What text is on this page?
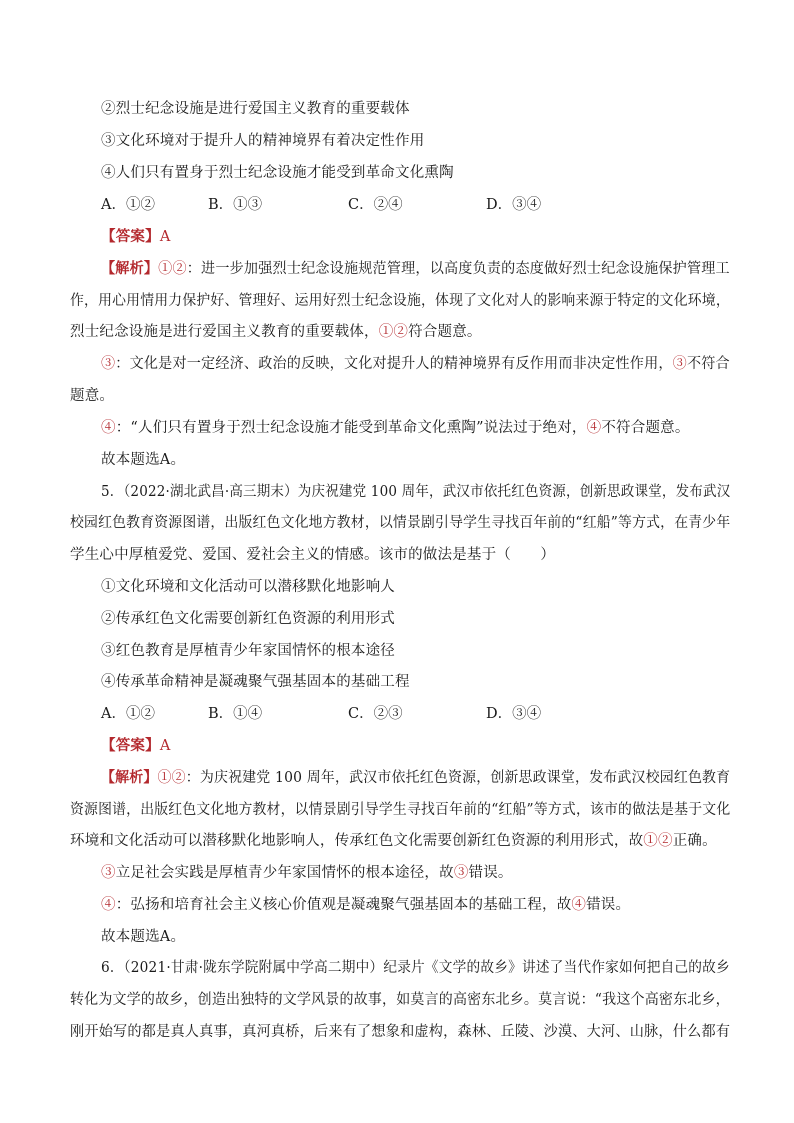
②烈士纪念设施是进行爱国主义教育的重要载体
③文化环境对于提升人的精神境界有着决定性作用
④人们只有置身于烈士纪念设施才能受到革命文化熏陶
A．①②	B．①③	C．②④	D．③④
【答案】A
【解析】①②：进一步加强烈士纪念设施规范管理，以高度负责的态度做好烈士纪念设施保护管理工
作，用心用情用力保护好、管理好、运用好烈士纪念设施，体现了文化对人的影响来源于特定的文化环境，
烈士纪念设施是进行爱国主义教育的重要载体，①②符合题意。
③：文化是对一定经济、政治的反映，文化对提升人的精神境界有反作用而非决定性作用，③不符合
题意。
④：“人们只有置身于烈士纪念设施才能受到革命文化熏陶”说法过于绝对，④不符合题意。
故本题选A。
5．（2022·湖北武昌·高三期末）为庆祝建党 100 周年，武汉市依托红色资源，创新思政课堂，发布武汉
校园红色教育资源图谱，出版红色文化地方教材，以情景剧引导学生寻找百年前的“红船”等方式，在青少年
学生心中厚植爱党、爱国、爱社会主义的情感。该市的做法是基于（　　）
①文化环境和文化活动可以潜移默化地影响人
②传承红色文化需要创新红色资源的利用形式
③红色教育是厚植青少年家国情怀的根本途径
④传承革命精神是凝魂聚气强基固本的基础工程
A．①②	B．①④	C．②③	D．③④
【答案】A
【解析】①②：为庆祝建党 100 周年，武汉市依托红色资源，创新思政课堂，发布武汉校园红色教育
资源图谱，出版红色文化地方教材，以情景剧引导学生寻找百年前的“红船”等方式，该市的做法是基于文化
环境和文化活动可以潜移默化地影响人，传承红色文化需要创新红色资源的利用形式，故①②正确。
③立足社会实践是厚植青少年家国情怀的根本途径，故③错误。
④：弘扬和培育社会主义核心价值观是凝魂聚气强基固本的基础工程，故④错误。
故本题选A。
6．（2021·甘肃·陇东学院附属中学高二期中）纪录片《文学的故乡》讲述了当代作家如何把自己的故乡
转化为文学的故乡，创造出独特的文学风景的故事，如莫言的高密东北乡。莫言说：“我这个高密东北乡，
刚开始写的都是真人真事，真河真桥，后来有了想象和虚构，森林、丘陵、沙漠、大河、山脉，什么都有
